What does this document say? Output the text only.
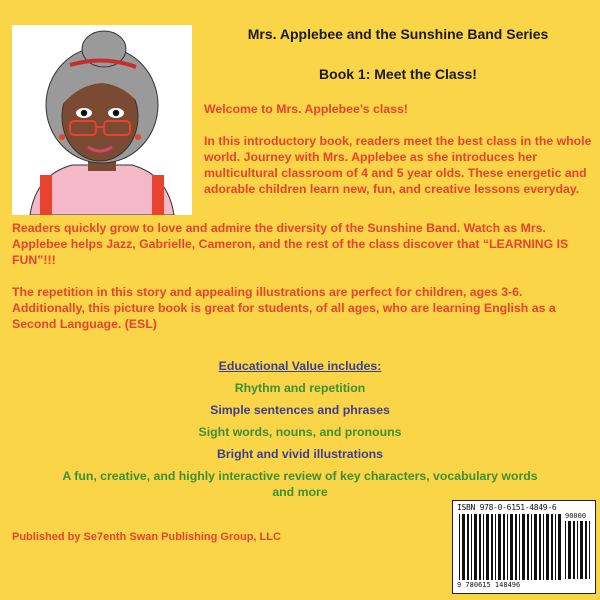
Mrs. Applebee and the Sunshine Band Series
Book 1: Meet the Class!
Welcome to Mrs. Applebee’s class!
In this introductory book, readers meet the best class in the whole world. Journey with Mrs. Applebee as she introduces her multicultural classroom of 4 and 5 year olds. These energetic and adorable children learn new, fun, and creative lessons everyday.
Readers quickly grow to love and admire the diversity of the Sunshine Band. Watch as Mrs. Applebee helps Jazz, Gabrielle, Cameron, and the rest of the class discover that “LEARNING IS FUN”!!!
The repetition in this story and appealing illustrations are perfect for children, ages 3-6. Additionally, this picture book is great for students, of all ages, who are learning English as a Second Language. (ESL)
Educational Value includes:
Rhythm and repetition
Simple sentences and phrases
Sight words, nouns, and pronouns
Bright and vivid illustrations
A fun, creative, and highly interactive review of key characters, vocabulary words and more
Published by Se7enth Swan Publishing Group, LLC
ISBN 978-0-6151-4849-6
90000
9 780615 148496
